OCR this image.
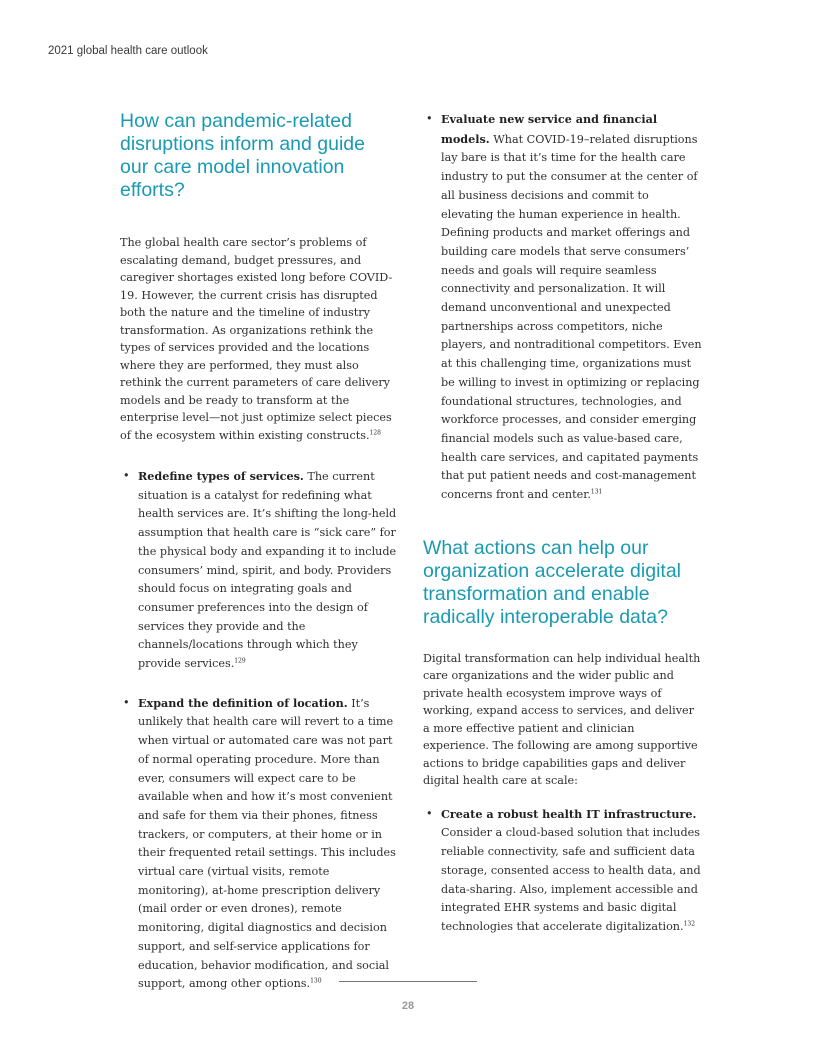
2021 global health care outlook
How can pandemic-related disruptions inform and guide our care model innovation efforts?

The global health care sector’s problems of escalating demand, budget pressures, and caregiver shortages existed long before COVID-19. However, the current crisis has disrupted both the nature and the timeline of industry transformation. As organizations rethink the types of services provided and the locations where they are performed, they must also rethink the current parameters of care delivery models and be ready to transform at the enterprise level—not just optimize select pieces of the ecosystem within existing constructs.$^{128}$

• Redefine types of services. The current situation is a catalyst for redefining what health services are. It’s shifting the long-held assumption that health care is “sick care” for the physical body and expanding it to include consumers’ mind, spirit, and body. Providers should focus on integrating goals and consumer preferences into the design of services they provide and the channels/locations through which they provide services.$^{129}$

• Expand the definition of location. It’s unlikely that health care will revert to a time when virtual or automated care was not part of normal operating procedure. More than ever, consumers will expect care to be available when and how it’s most convenient and safe for them via their phones, fitness trackers, or computers, at their home or in their frequented retail settings. This includes virtual care (virtual visits, remote monitoring), at-home prescription delivery (mail order or even drones), remote monitoring, digital diagnostics and decision support, and self-service applications for education, behavior modification, and social support, among other options.$^{130}$

• Evaluate new service and financial models. What COVID-19–related disruptions lay bare is that it’s time for the health care industry to put the consumer at the center of all business decisions and commit to elevating the human experience in health. Defining products and market offerings and building care models that serve consumers’ needs and goals will require seamless connectivity and personalization. It will demand unconventional and unexpected partnerships across competitors, niche players, and nontraditional competitors. Even at this challenging time, organizations must be willing to invest in optimizing or replacing foundational structures, technologies, and workforce processes, and consider emerging financial models such as value-based care, health care services, and capitated payments that put patient needs and cost-management concerns front and center.$^{131}$

What actions can help our organization accelerate digital transformation and enable radically interoperable data?

Digital transformation can help individual health care organizations and the wider public and private health ecosystem improve ways of working, expand access to services, and deliver a more effective patient and clinician experience. The following are among supportive actions to bridge capabilities gaps and deliver digital health care at scale:

• Create a robust health IT infrastructure. Consider a cloud-based solution that includes reliable connectivity, safe and sufficient data storage, consented access to health data, and data-sharing. Also, implement accessible and integrated EHR systems and basic digital technologies that accelerate digitalization.$^{132}$

28
